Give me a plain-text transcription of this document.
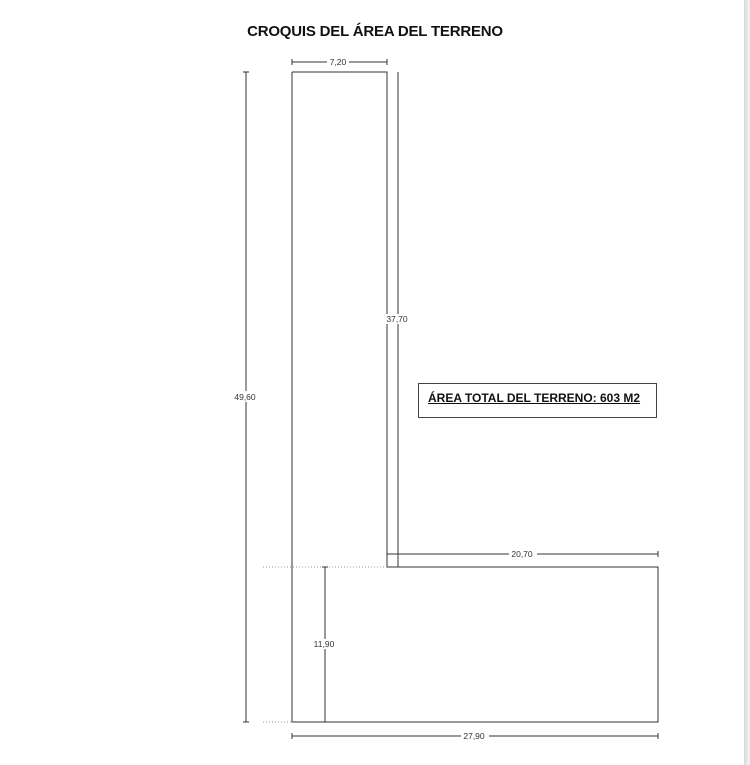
CROQUIS DEL ÁREA DEL TERRENO
7,20
49,60
37,70
20,70
11,90
27,90
ÁREA TOTAL DEL TERRENO: 603 M2
